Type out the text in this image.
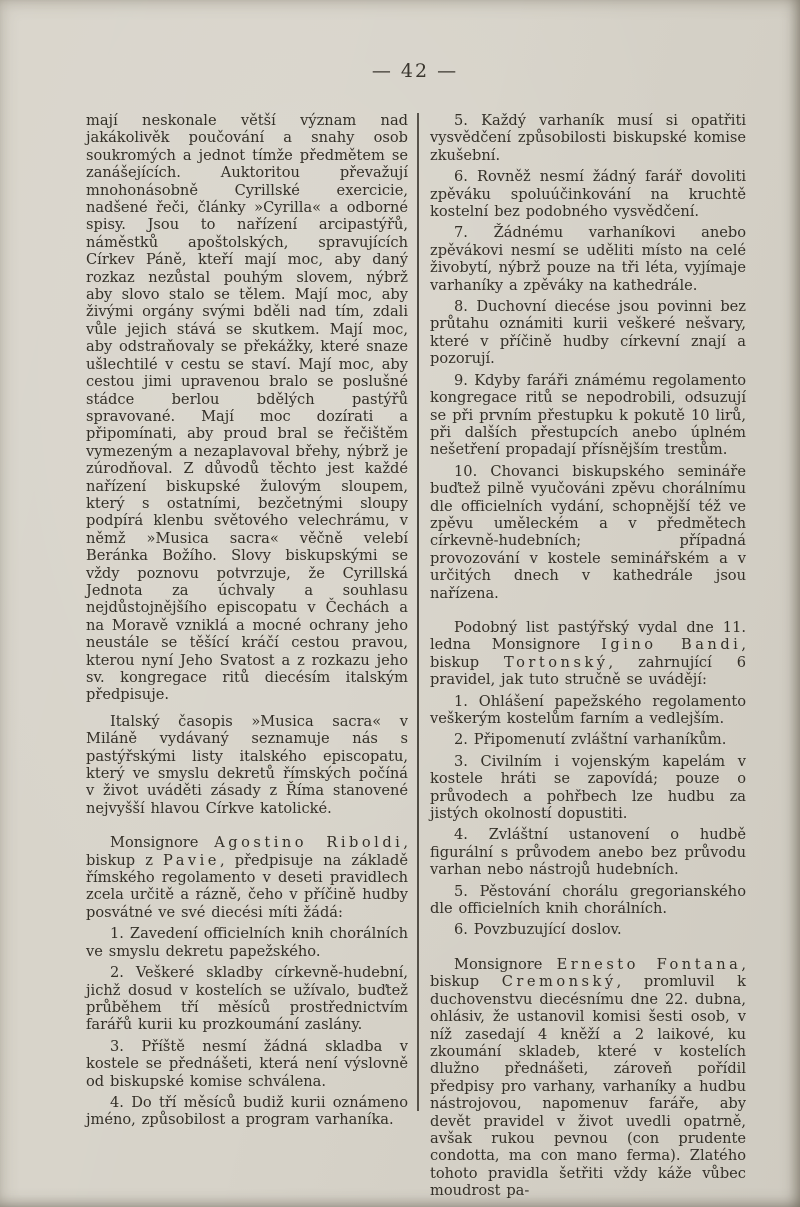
— 42 —

mají neskonale větší význam nad jakákolivěk poučování a snahy osob soukromých a jednot tímže předmětem se zanášejících. Auktoritou převažují mnohonásobně Cyrillské exercicie, nadšené řeči, články »Cyrilla« a odborné spisy. Jsou to nařízení arcipastýřů, náměstků apoštolských, spravujících Církev Páně, kteří mají moc, aby daný rozkaz nezůstal pouhým slovem, nýbrž aby slovo stalo se tělem. Mají moc, aby živými orgány svými bděli nad tím, zdali vůle jejich stává se skutkem. Mají moc, aby odstraňovaly se překážky, které snaze ušlechtilé v cestu se staví. Mají moc, aby cestou jimi upravenou bralo se poslušné stádce berlou bdělých pastýřů spravované. Mají moc dozírati a připomínati, aby proud bral se řečištěm vymezeným a nezaplavoval břehy, nýbrž je zúrodňoval. Z důvodů těchto jest každé nařízení biskupské žulovým sloupem, který s ostatními, bezčetnými sloupy podpírá klenbu světového velechrámu, v němž »Musica sacra« věčně velebí Beránka Božího. Slovy biskupskými se vždy poznovu potvrzuje, že Cyrillská Jednota za úchvaly a souhlasu nejdůstojnějšího episcopatu v Čechách a na Moravě vzniklá a mocné ochrany jeho neustále se těšící kráčí cestou pravou, kterou nyní Jeho Svatost a z rozkazu jeho sv. kongregace ritů diecésím italským předpisuje.

Italský časopis »Musica sacra« v Miláně vydávaný seznamuje nás s pastýřskými listy italského episcopatu, který ve smyslu dekretů římských počíná v život uváděti zásady z Říma stanovené nejvyšší hlavou Církve katolické.

Monsignore Agostino Riboldi, biskup z Pavie, předpisuje na základě římského regolamento v deseti pravidlech zcela určitě a rázně, čeho v příčině hudby posvátné ve své diecési míti žádá:

1. Zavedení officielních knih chorálních ve smyslu dekretu papežského.

2. Veškeré skladby církevně-hudební, jichž dosud v kostelích se užívalo, buďtež průběhem tří měsíců prostřednictvím farářů kurii ku prozkoumání zaslány.

3. Příště nesmí žádná skladba v kostele se přednášeti, která není výslovně od biskupské komise schválena.

4. Do tří měsíců budiž kurii oznámeno jméno, způsobilost a program varhaníka.

5. Každý varhaník musí si opatřiti vysvědčení způsobilosti biskupské komise zkušební.

6. Rovněž nesmí žádný farář dovoliti zpěváku spoluúčinkování na kruchtě kostelní bez podobného vysvědčení.

7. Žádnému varhaníkovi anebo zpěvákovi nesmí se uděliti místo na celé živobytí, nýbrž pouze na tři léta, vyjímaje varhaníky a zpěváky na kathedrále.

8. Duchovní diecése jsou povinni bez průtahu oznámiti kurii veškeré nešvary, které v příčině hudby církevní znají a pozorují.

9. Kdyby faráři známému regolamento kongregace ritů se nepodrobili, odsuzují se při prvním přestupku k pokutě 10 lirů, při dalších přestupcích anebo úplném nešetření propadají přísnějším trestům.

10. Chovanci biskupského semináře buďtež pilně vyučováni zpěvu chorálnímu dle officielních vydání, schopnější též ve zpěvu uměleckém a v předmětech církevně-hudebních; případná provozování v kostele seminářském a v určitých dnech v kathedrále jsou nařízena.

Podobný list pastýřský vydal dne 11. ledna Monsignore Igino Bandi, biskup Tortonský, zahrnující 6 pravidel, jak tuto stručně se uvádějí:

1. Ohlášení papežského regolamento veškerým kostelům farním a vedlejším.

2. Připomenutí zvláštní varhaníkům.

3. Civilním i vojenským kapelám v kostele hráti se zapovídá; pouze o průvodech a pohřbech lze hudbu za jistých okolností dopustiti.

4. Zvláštní ustanovení o hudbě figurální s průvodem anebo bez průvodu varhan nebo nástrojů hudebních.

5. Pěstování chorálu gregorianského dle officielních knih chorálních.

6. Povzbuzující doslov.

Monsignore Ernesto Fontana, biskup Cremonský, promluvil k duchovenstvu diecésnímu dne 22. dubna, ohlásiv, že ustanovil komisi šesti osob, v níž zasedají 4 kněží a 2 laikové, ku zkoumání skladeb, které v kostelích dlužno přednášeti, zároveň pořídil předpisy pro varhany, varhaníky a hudbu nástrojovou, napomenuv faráře, aby devět pravidel v život uvedli opatrně, avšak rukou pevnou (con prudente condotta, ma con mano ferma). Zlatého tohoto pravidla šetřiti vždy káže vůbec moudrost pa-
